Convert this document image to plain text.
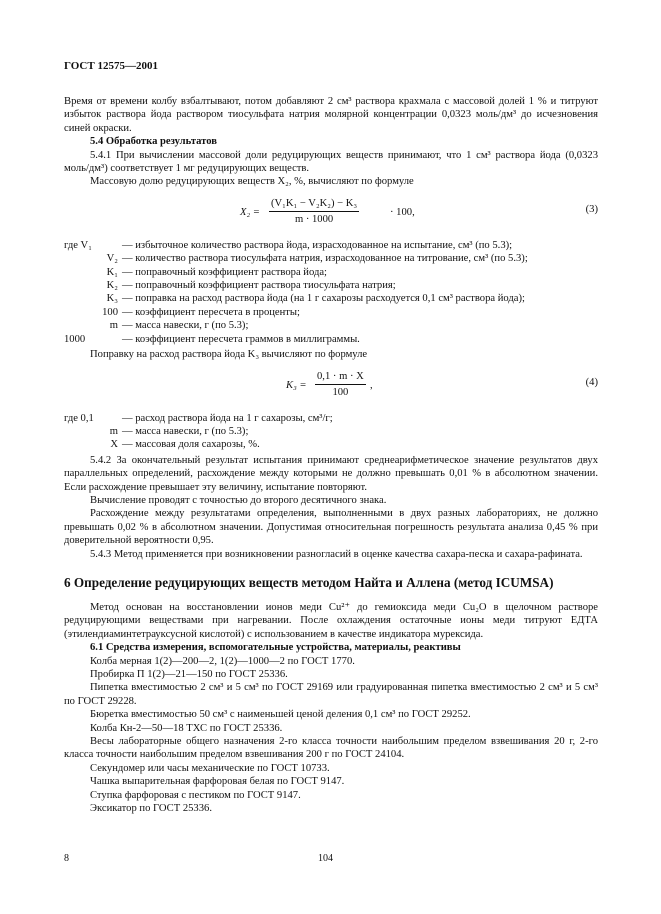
ГОСТ 12575—2001

Время от времени колбу взбалтывают, потом добавляют 2 см³ раствора крахмала с массовой долей 1 % и титруют избыток раствора йода раствором тиосульфата натрия молярной концентрации 0,0323 моль/дм³ до исчезновения синей окраски.

5.4 Обработка результатов

5.4.1 При вычислении массовой доли редуцирующих веществ принимают, что 1 см³ раствора йода (0,0323 моль/дм³) соответствует 1 мг редуцирующих веществ.

Массовую долю редуцирующих веществ X₂, %, вычисляют по формуле

$X_2 = \frac{\text{(V₁K₁ − V₂K₂) − K₃}}{m \cdot 1000}$	· 100,	(3)
где V₁	— избыточное количество раствора йода, израсходованное на испытание, см³ (по 5.3);
V₂ — количество раствора тиосульфата натрия, израсходованное на титрование, см³ (по 5.3);
K₁ — поправочный коэффициент раствора йода;
K₂ — поправочный коэффициент раствора тиосульфата натрия;
K₃ — поправка на расход раствора йода (на 1 г сахарозы расходуется 0,1 см³ раствора йода);
100 — коэффициент пересчета в проценты;
m — масса навески, г (по 5.3);
1000	— коэффициент пересчета граммов в миллиграммы.

Поправку на расход раствора йода K₃ вычисляют по формуле

$K_3 = \frac{0,1 \cdot m \cdot X}{100}$ ,	(4)
где 0,1	— расход раствора йода на 1 г сахарозы, см³/г;
m — масса навески, г (по 5.3);
X — массовая доля сахарозы, %.

5.4.2 За окончательный результат испытания принимают среднеарифметическое значение результатов двух параллельных определений, расхождение между которыми не должно превышать 0,01 % в абсолютном значении. Если расхождение превышает эту величину, испытание повторяют.

Вычисление проводят с точностью до второго десятичного знака.

Расхождение между результатами определения, выполненными в двух разных лабораториях, не должно превышать 0,02 % в абсолютном значении. Допустимая относительная погрешность результата анализа 0,45 % при доверительной вероятности 0,95.

5.4.3 Метод применяется при возникновении разногласий в оценке качества сахара-песка и сахара-рафината.

6 Определение редуцирующих веществ методом Найта и Аллена (метод ICUMSA)

Метод основан на восстановлении ионов меди Cu²⁺ до гемиоксида меди Cu₂O в щелочном растворе редуцирующими веществами при нагревании. После охлаждения остаточные ионы меди титруют ЕДТА (этилендиаминтетрауксусной кислотой) с использованием в качестве индикатора мурексида.

6.1 Средства измерения, вспомогательные устройства, материалы, реактивы

Колба мерная 1(2)—200—2, 1(2)—1000—2 по ГОСТ 1770.

Пробирка П 1(2)—21—150 по ГОСТ 25336.

Пипетка вместимостью 2 см³ и 5 см³ по ГОСТ 29169 или градуированная пипетка вместимостью 2 см³ и 5 см³ по ГОСТ 29228.

Бюретка вместимостью 50 см³ с наименьшей ценой деления 0,1 см³ по ГОСТ 29252.

Колба Кн-2—50—18 ТХС по ГОСТ 25336.

Весы лабораторные общего назначения 2-го класса точности наибольшим пределом взвешивания 20 г, 2-го класса точности наибольшим пределом взвешивания 200 г по ГОСТ 24104.

Секундомер или часы механические по ГОСТ 10733.

Чашка выпарительная фарфоровая белая по ГОСТ 9147.

Ступка фарфоровая с пестиком по ГОСТ 9147.

Эксикатор по ГОСТ 25336.

8	104
